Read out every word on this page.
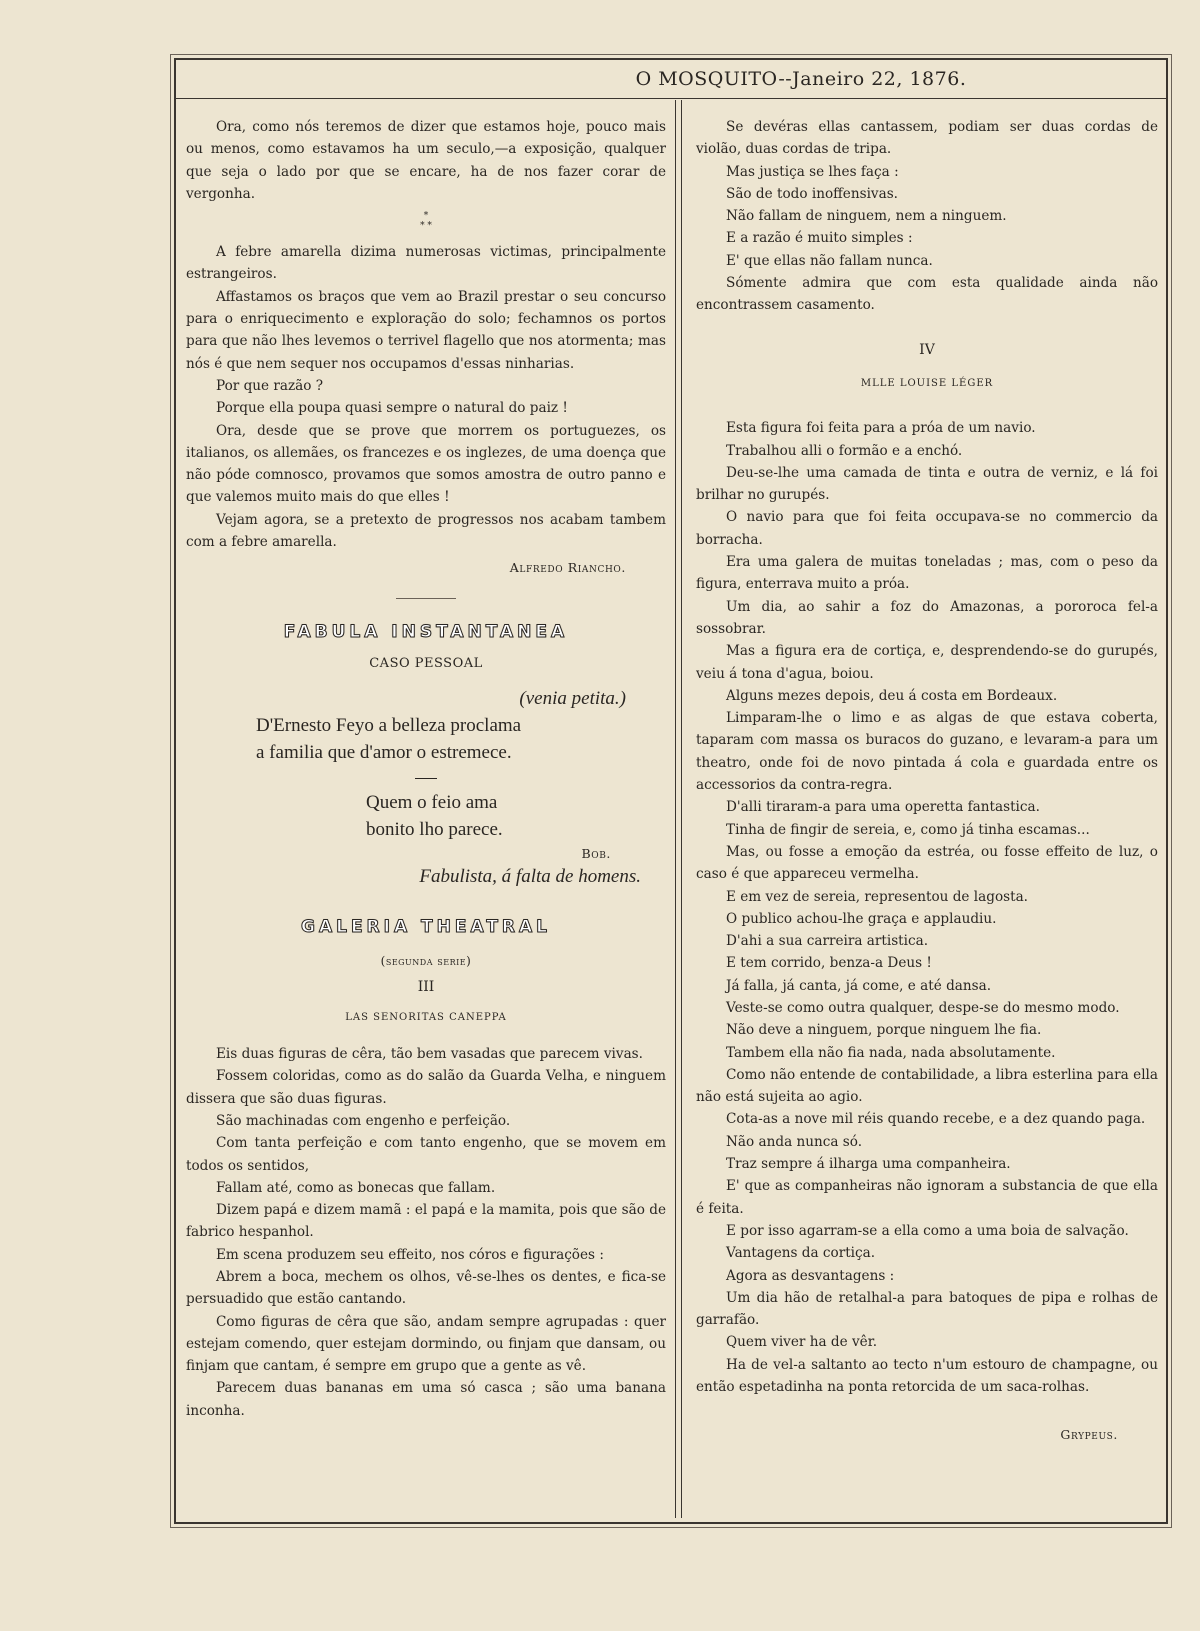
O MOSQUITO--Janeiro 22, 1876.

Ora, como nós teremos de dizer que estamos hoje, pouco mais ou menos, como estavamos ha um seculo,—a exposição, qualquer que seja o lado por que se encare, ha de nos fazer corar de vergonha.

*
* *

A febre amarella dizima numerosas victimas, principalmente estrangeiros.

Affastamos os braços que vem ao Brazil prestar o seu concurso para o enriquecimento e exploração do solo; fechamnos os portos para que não lhes levemos o terrivel flagello que nos atormenta; mas nós é que nem sequer nos occupamos d'essas ninharias.

Por que razão ?

Porque ella poupa quasi sempre o natural do paiz !

Ora, desde que se prove que morrem os portuguezes, os italianos, os allemães, os francezes e os inglezes, de uma doença que não póde comnosco, provamos que somos amostra de outro panno e que valemos muito mais do que elles !

Vejam agora, se a pretexto de progressos nos acabam tambem com a febre amarella.

Alfredo Riancho.
FABULA INSTANTANEA
CASO PESSOAL
(venia petita.)
D'Ernesto Feyo a belleza proclama
a familia que d'amor o estremece.
Quem o feio ama
bonito lho parece.
Bob.
Fabulista, á falta de homens.
GALERIA THEATRAL
(segunda serie)
III
LAS SENORITAS CANEPPA

Eis duas figuras de cêra, tão bem vasadas que parecem vivas.

Fossem coloridas, como as do salão da Guarda Velha, e ninguem dissera que são duas figuras.

São machinadas com engenho e perfeição.

Com tanta perfeição e com tanto engenho, que se movem em todos os sentidos,

Fallam até, como as bonecas que fallam.

Dizem papá e dizem mamã : el papá e la mamita, pois que são de fabrico hespanhol.

Em scena produzem seu effeito, nos córos e figurações :

Abrem a boca, mechem os olhos, vê-se-lhes os dentes, e fica-se persuadido que estão cantando.

Como figuras de cêra que são, andam sempre agrupadas : quer estejam comendo, quer estejam dormindo, ou finjam que dansam, ou finjam que cantam, é sempre em grupo que a gente as vê.

Parecem duas bananas em uma só casca ; são uma banana inconha.

Se devéras ellas cantassem, podiam ser duas cordas de violão, duas cordas de tripa.

Mas justiça se lhes faça :

São de todo inoffensivas.

Não fallam de ninguem, nem a ninguem.

E a razão é muito simples :

E' que ellas não fallam nunca.

Sómente admira que com esta qualidade ainda não encontrassem casamento.

IV
MLLE LOUISE LÉGER

Esta figura foi feita para a próa de um navio.

Trabalhou alli o formão e a enchó.

Deu-se-lhe uma camada de tinta e outra de verniz, e lá foi brilhar no gurupés.

O navio para que foi feita occupava-se no commercio da borracha.

Era uma galera de muitas toneladas ; mas, com o peso da figura, enterrava muito a próa.

Um dia, ao sahir a foz do Amazonas, a pororoca fel-a sossobrar.

Mas a figura era de cortiça, e, desprendendo-se do gurupés, veiu á tona d'agua, boiou.

Alguns mezes depois, deu á costa em Bordeaux.

Limparam-lhe o limo e as algas de que estava coberta, taparam com massa os buracos do guzano, e levaram-a para um theatro, onde foi de novo pintada á cola e guardada entre os accessorios da contra-regra.

D'alli tiraram-a para uma operetta fantastica.

Tinha de fingir de sereia, e, como já tinha escamas...

Mas, ou fosse a emoção da estréa, ou fosse effeito de luz, o caso é que appareceu vermelha.

E em vez de sereia, representou de lagosta.

O publico achou-lhe graça e applaudiu.

D'ahi a sua carreira artistica.

E tem corrido, benza-a Deus !

Já falla, já canta, já come, e até dansa.

Veste-se como outra qualquer, despe-se do mesmo modo.

Não deve a ninguem, porque ninguem lhe fia.

Tambem ella não fia nada, nada absolutamente.

Como não entende de contabilidade, a libra esterlina para ella não está sujeita ao agio.

Cota-as a nove mil réis quando recebe, e a dez quando paga.

Não anda nunca só.

Traz sempre á ilharga uma companheira.

E' que as companheiras não ignoram a substancia de que ella é feita.

E por isso agarram-se a ella como a uma boia de salvação.

Vantagens da cortiça.

Agora as desvantagens :

Um dia hão de retalhal-a para batoques de pipa e rolhas de garrafão.

Quem viver ha de vêr.

Ha de vel-a saltanto ao tecto n'um estouro de champagne, ou então espetadinha na ponta retorcida de um saca-rolhas.

Grypeus.
